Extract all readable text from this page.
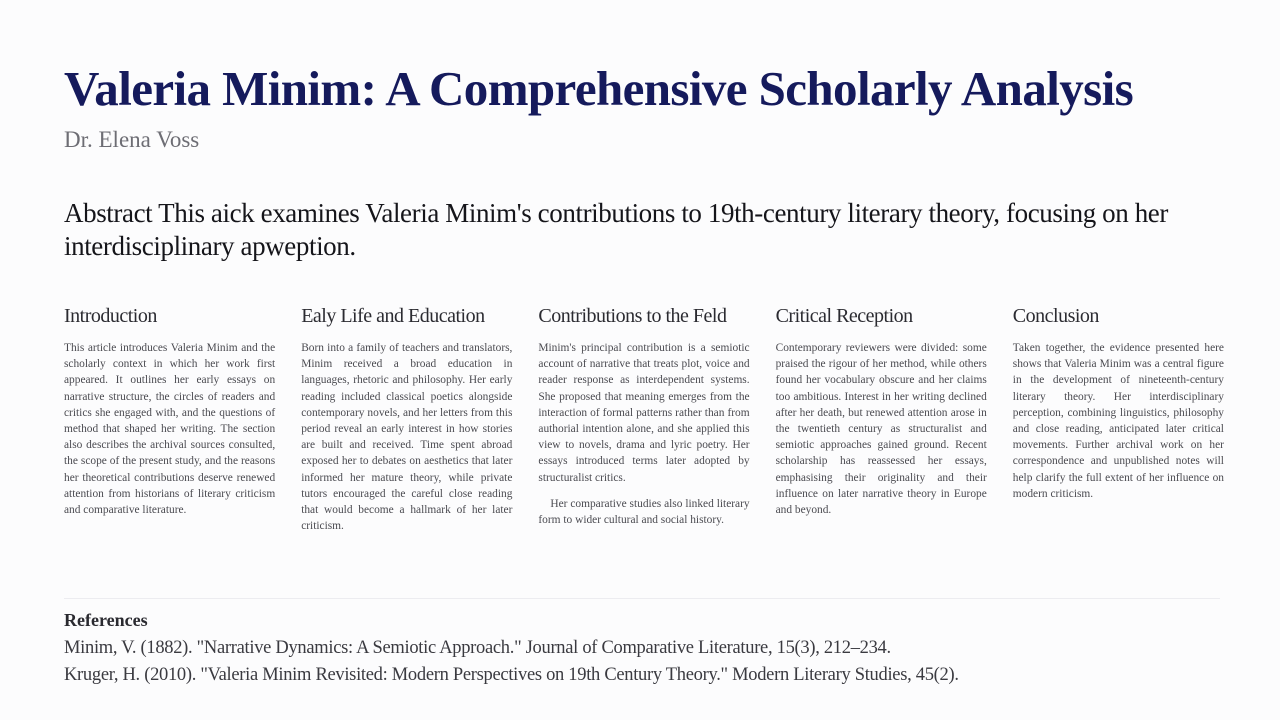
Valeria Minim: A Comprehensive Scholarly Analysis
Dr. Elena Voss

Abstract This aick examines Valeria Minim's contributions to 19th-century literary theory, focusing on her interdisciplinary apweption.

Introduction

This article introduces Valeria Minim and the scholarly context in which her work first appeared. It outlines her early essays on narrative structure, the circles of readers and critics she engaged with, and the questions of method that shaped her writing. The section also describes the archival sources consulted, the scope of the present study, and the reasons her theoretical contributions deserve renewed attention from historians of literary criticism and comparative literature.

Ealy Life and Education

Born into a family of teachers and translators, Minim received a broad education in languages, rhetoric and philosophy. Her early reading included classical poetics alongside contemporary novels, and her letters from this period reveal an early interest in how stories are built and received. Time spent abroad exposed her to debates on aesthetics that later informed her mature theory, while private tutors encouraged the careful close reading that would become a hallmark of her later criticism.

Contributions to the Feld

Minim's principal contribution is a semiotic account of narrative that treats plot, voice and reader response as interdependent systems. She proposed that meaning emerges from the interaction of formal patterns rather than from authorial intention alone, and she applied this view to novels, drama and lyric poetry. Her essays introduced terms later adopted by structuralist critics.

Her comparative studies also linked literary form to wider cultural and social history.

Critical Reception

Contemporary reviewers were divided: some praised the rigour of her method, while others found her vocabulary obscure and her claims too ambitious. Interest in her writing declined after her death, but renewed attention arose in the twentieth century as structuralist and semiotic approaches gained ground. Recent scholarship has reassessed her essays, emphasising their originality and their influence on later narrative theory in Europe and beyond.

Conclusion

Taken together, the evidence presented here shows that Valeria Minim was a central figure in the development of nineteenth-century literary theory. Her interdisciplinary perception, combining linguistics, philosophy and close reading, anticipated later critical movements. Further archival work on her correspondence and unpublished notes will help clarify the full extent of her influence on modern criticism.

References

Minim, V. (1882). "Narrative Dynamics: A Semiotic Approach." Journal of Comparative Literature, 15(3), 212–234.

Kruger, H. (2010). "Valeria Minim Revisited: Modern Perspectives on 19th Century Theory." Modern Literary Studies, 45(2).
